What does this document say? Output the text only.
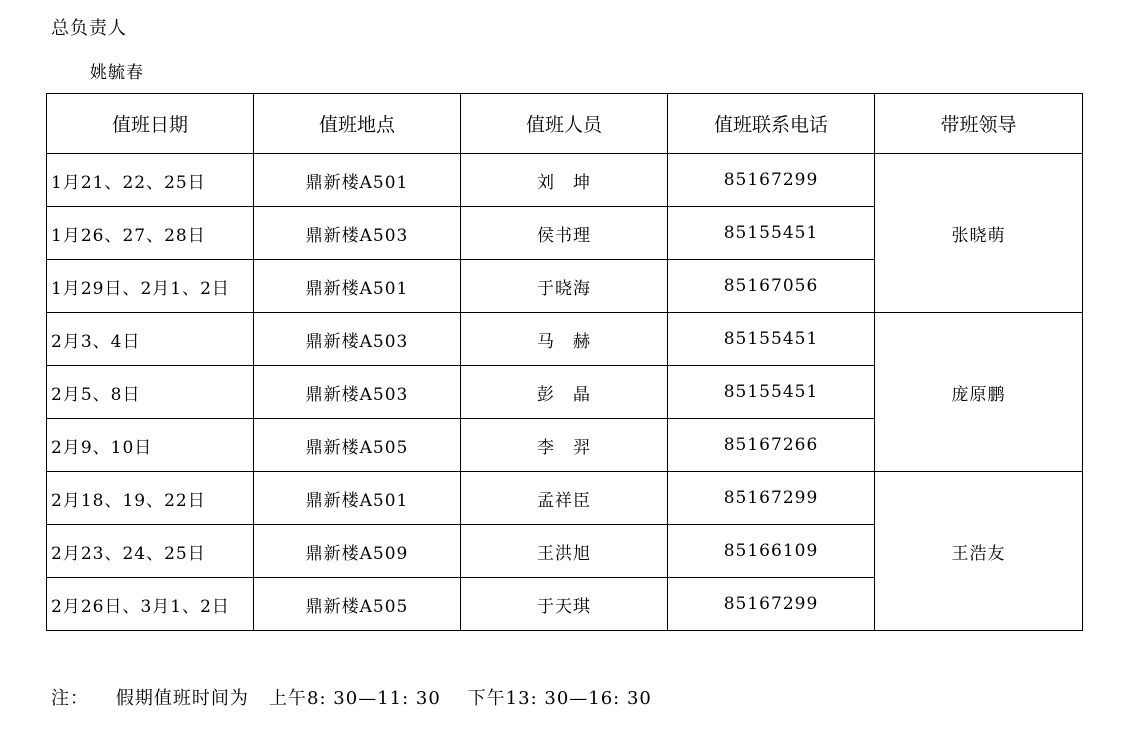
总负责人
姚毓春
值班日期	值班地点	值班人员	值班联系电话	带班领导
1月21、22、25日	鼎新楼A501	刘　坤	85167299	张晓萌
1月26、27、28日	鼎新楼A503	侯书理	85155451	
1月29日、2月1、2日	鼎新楼A501	于晓海	85167056	
2月3、4日	鼎新楼A503	马　赫	85155451	庞原鹏
2月5、8日	鼎新楼A503	彭　晶	85155451	
2月9、10日	鼎新楼A505	李　羿	85167266	
2月18、19、22日	鼎新楼A501	孟祥臣	85167299	王浩友
2月23、24、25日	鼎新楼A509	王洪旭	85166109	
2月26日、3月1、2日	鼎新楼A505	于天琪	85167299	
注：    假期值班时间为   上午8: 30—11: 30    下午13: 30—16: 30
